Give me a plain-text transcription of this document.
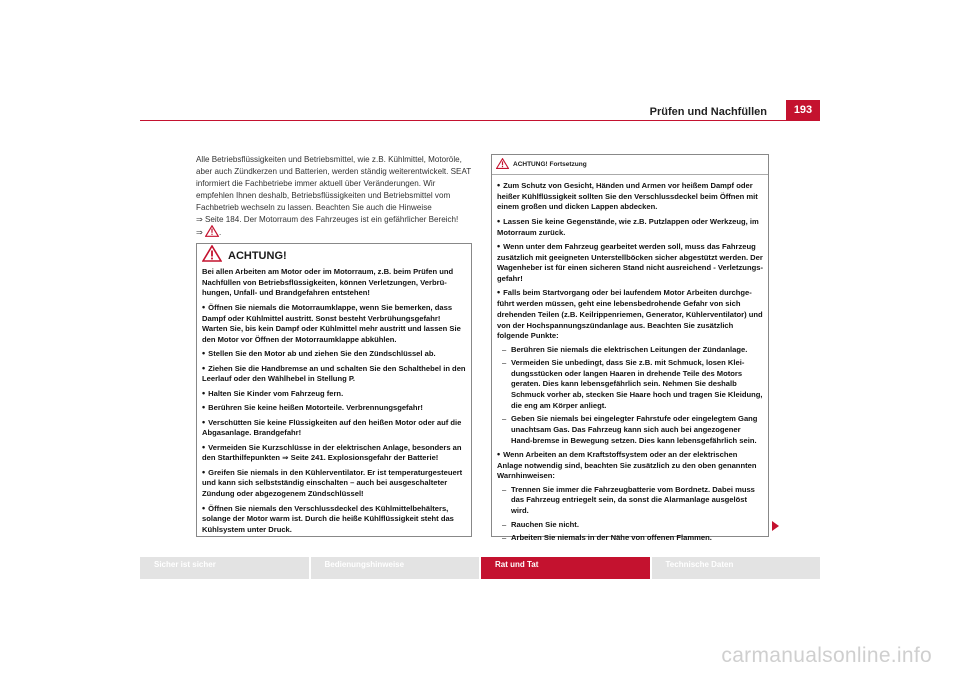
Prüfen und Nachfüllen	193

Alle Betriebsflüssigkeiten und Betriebsmittel, wie z.B. Kühlmittel, Motoröle, aber auch Zündkerzen und Batterien, werden ständig weiterentwickelt. SEAT informiert die Fachbetriebe immer aktuell über Veränderungen. Wir empfehlen Ihnen deshalb, Betriebsflüssigkeiten und Betriebsmittel vom Fachbetrieb wechseln zu lassen. Beachten Sie auch die Hinweise
⇒ Seite 184. Der Motorraum des Fahrzeuges ist ein gefährlicher Bereich!
⇒ .

ACHTUNG!

Bei allen Arbeiten am Motor oder im Motorraum, z.B. beim Prüfen und Nachfüllen von Betriebsflüssigkeiten, können Verletzungen, Verbrü-hungen, Unfall- und Brandgefahren entstehen!

• Öffnen Sie niemals die Motorraumklappe, wenn Sie bemerken, dass Dampf oder Kühlmittel austritt. Sonst besteht Verbrühungsgefahr! Warten Sie, bis kein Dampf oder Kühlmittel mehr austritt und lassen Sie den Motor vor Öffnen der Motorraumklappe abkühlen.

• Stellen Sie den Motor ab und ziehen Sie den Zündschlüssel ab.

• Ziehen Sie die Handbremse an und schalten Sie den Schalthebel in den Leerlauf oder den Wählhebel in Stellung P.

• Halten Sie Kinder vom Fahrzeug fern.

• Berühren Sie keine heißen Motorteile. Verbrennungsgefahr!

• Verschütten Sie keine Flüssigkeiten auf den heißen Motor oder auf die Abgasanlage. Brandgefahr!

• Vermeiden Sie Kurzschlüsse in der elektrischen Anlage, besonders an den Starthilfepunkten ⇒ Seite 241. Explosionsgefahr der Batterie!

• Greifen Sie niemals in den Kühlerventilator. Er ist temperaturgesteuert und kann sich selbstständig einschalten – auch bei ausgeschalteter Zündung oder abgezogenem Zündschlüssel!

• Öffnen Sie niemals den Verschlussdeckel des Kühlmittelbehälters, solange der Motor warm ist. Durch die heiße Kühlflüssigkeit steht das Kühlsystem unter Druck.

ACHTUNG! Fortsetzung

• Zum Schutz von Gesicht, Händen und Armen vor heißem Dampf oder heißer Kühlflüssigkeit sollten Sie den Verschlussdeckel beim Öffnen mit einem großen und dicken Lappen abdecken.

• Lassen Sie keine Gegenstände, wie z.B. Putzlappen oder Werkzeug, im Motorraum zurück.

• Wenn unter dem Fahrzeug gearbeitet werden soll, muss das Fahrzeug zusätzlich mit geeigneten Unterstellböcken sicher abgestützt werden. Der Wagenheber ist für einen sicheren Stand nicht ausreichend - Verletzungs-gefahr!

• Falls beim Startvorgang oder bei laufendem Motor Arbeiten durchge-führt werden müssen, geht eine lebensbedrohende Gefahr von sich drehenden Teilen (z.B. Keilrippenriemen, Generator, Kühlerventilator) und von der Hochspannungszündanlage aus. Beachten Sie zusätzlich folgende Punkte:

– Berühren Sie niemals die elektrischen Leitungen der Zündanlage.

– Vermeiden Sie unbedingt, dass Sie z.B. mit Schmuck, losen Klei-dungsstücken oder langen Haaren in drehende Teile des Motors geraten. Dies kann lebensgefährlich sein. Nehmen Sie deshalb Schmuck vorher ab, stecken Sie Haare hoch und tragen Sie Kleidung, die eng am Körper anliegt.

– Geben Sie niemals bei eingelegter Fahrstufe oder eingelegtem Gang unachtsam Gas. Das Fahrzeug kann sich auch bei angezogener Hand-bremse in Bewegung setzen. Dies kann lebensgefährlich sein.

• Wenn Arbeiten an dem Kraftstoffsystem oder an der elektrischen Anlage notwendig sind, beachten Sie zusätzlich zu den oben genannten Warnhinweisen:

– Trennen Sie immer die Fahrzeugbatterie vom Bordnetz. Dabei muss das Fahrzeug entriegelt sein, da sonst die Alarmanlage ausgelöst wird.

– Rauchen Sie nicht.

– Arbeiten Sie niemals in der Nähe von offenen Flammen.

Sicher ist sicher	Bedienungshinweise	Rat und Tat	Technische Daten
carmanualsonline.info
